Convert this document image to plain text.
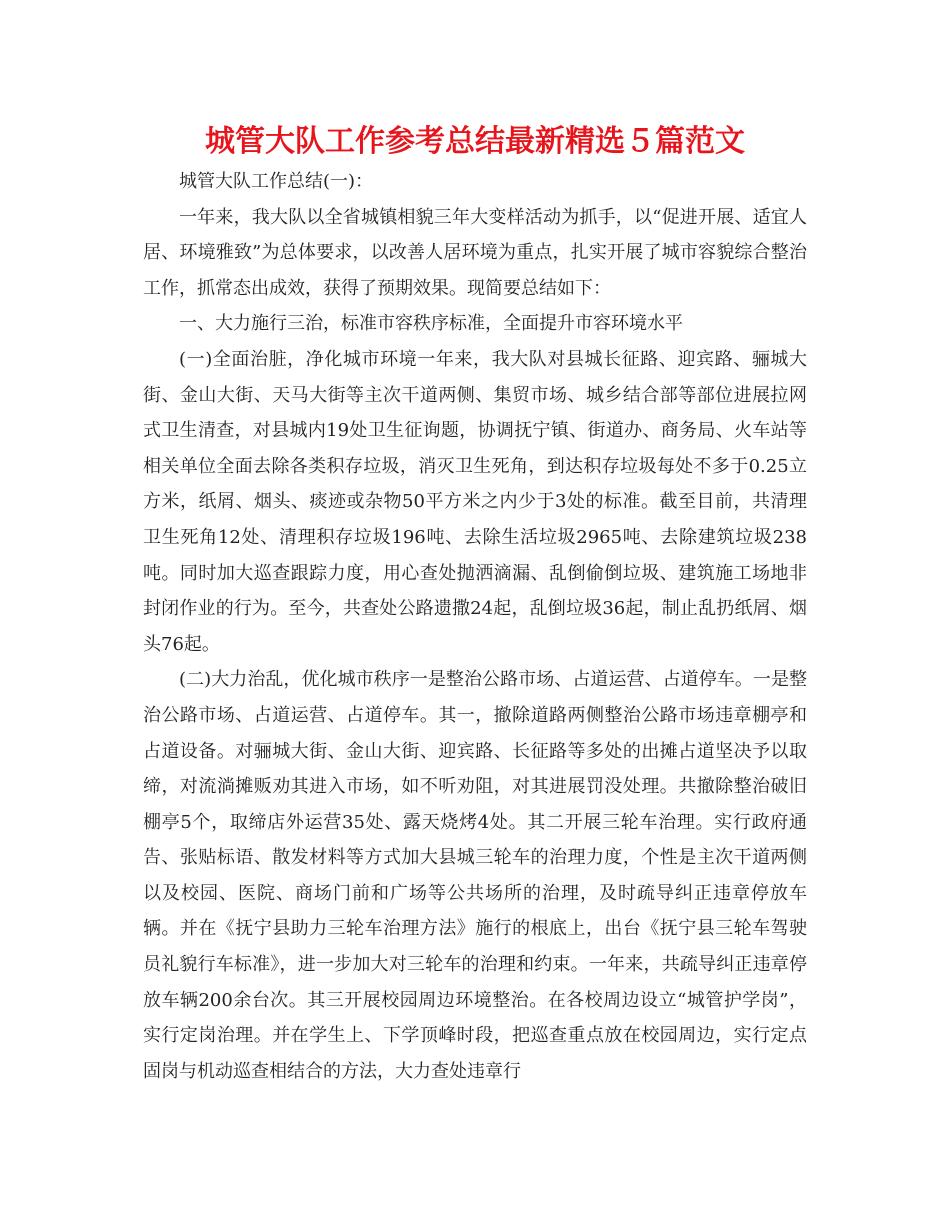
城管大队工作参考总结最新精选５篇范文

城管大队工作总结(一)：

一年来，我大队以全省城镇相貌三年大变样活动为抓手，以“促进开展、适宜人居、环境雅致”为总体要求，以改善人居环境为重点，扎实开展了城市容貌综合整治工作，抓常态出成效，获得了预期效果。现简要总结如下：

一、大力施行三治，标准市容秩序标准，全面提升市容环境水平

(一)全面治脏，净化城市环境一年来，我大队对县城长征路、迎宾路、骊城大街、金山大街、天马大街等主次干道两侧、集贸市场、城乡结合部等部位进展拉网式卫生清查，对县城内19处卫生征询题，协调抚宁镇、街道办、商务局、火车站等相关单位全面去除各类积存垃圾，消灭卫生死角，到达积存垃圾每处不多于0.25立方米，纸屑、烟头、痰迹或杂物50平方米之内少于3处的标准。截至目前，共清理卫生死角12处、清理积存垃圾196吨、去除生活垃圾2965吨、去除建筑垃圾238吨。同时加大巡查跟踪力度，用心查处抛洒滴漏、乱倒偷倒垃圾、建筑施工场地非封闭作业的行为。至今，共查处公路遗撒24起，乱倒垃圾36起，制止乱扔纸屑、烟头76起。

(二)大力治乱，优化城市秩序一是整治公路市场、占道运营、占道停车。一是整治公路市场、占道运营、占道停车。其一，撤除道路两侧整治公路市场违章棚亭和占道设备。对骊城大街、金山大街、迎宾路、长征路等多处的出摊占道坚决予以取缔，对流淌摊贩劝其进入市场，如不听劝阻，对其进展罚没处理。共撤除整治破旧棚亭5个，取缔店外运营35处、露天烧烤4处。其二开展三轮车治理。实行政府通告、张贴标语、散发材料等方式加大县城三轮车的治理力度，个性是主次干道两侧以及校园、医院、商场门前和广场等公共场所的治理，及时疏导纠正违章停放车辆。并在《抚宁县助力三轮车治理方法》施行的根底上，出台《抚宁县三轮车驾驶员礼貌行车标准》，进一步加大对三轮车的治理和约束。一年来，共疏导纠正违章停放车辆200余台次。其三开展校园周边环境整治。在各校周边设立“城管护学岗”，实行定岗治理。并在学生上、下学顶峰时段，把巡查重点放在校园周边，实行定点固岗与机动巡查相结合的方法，大力查处违章行
